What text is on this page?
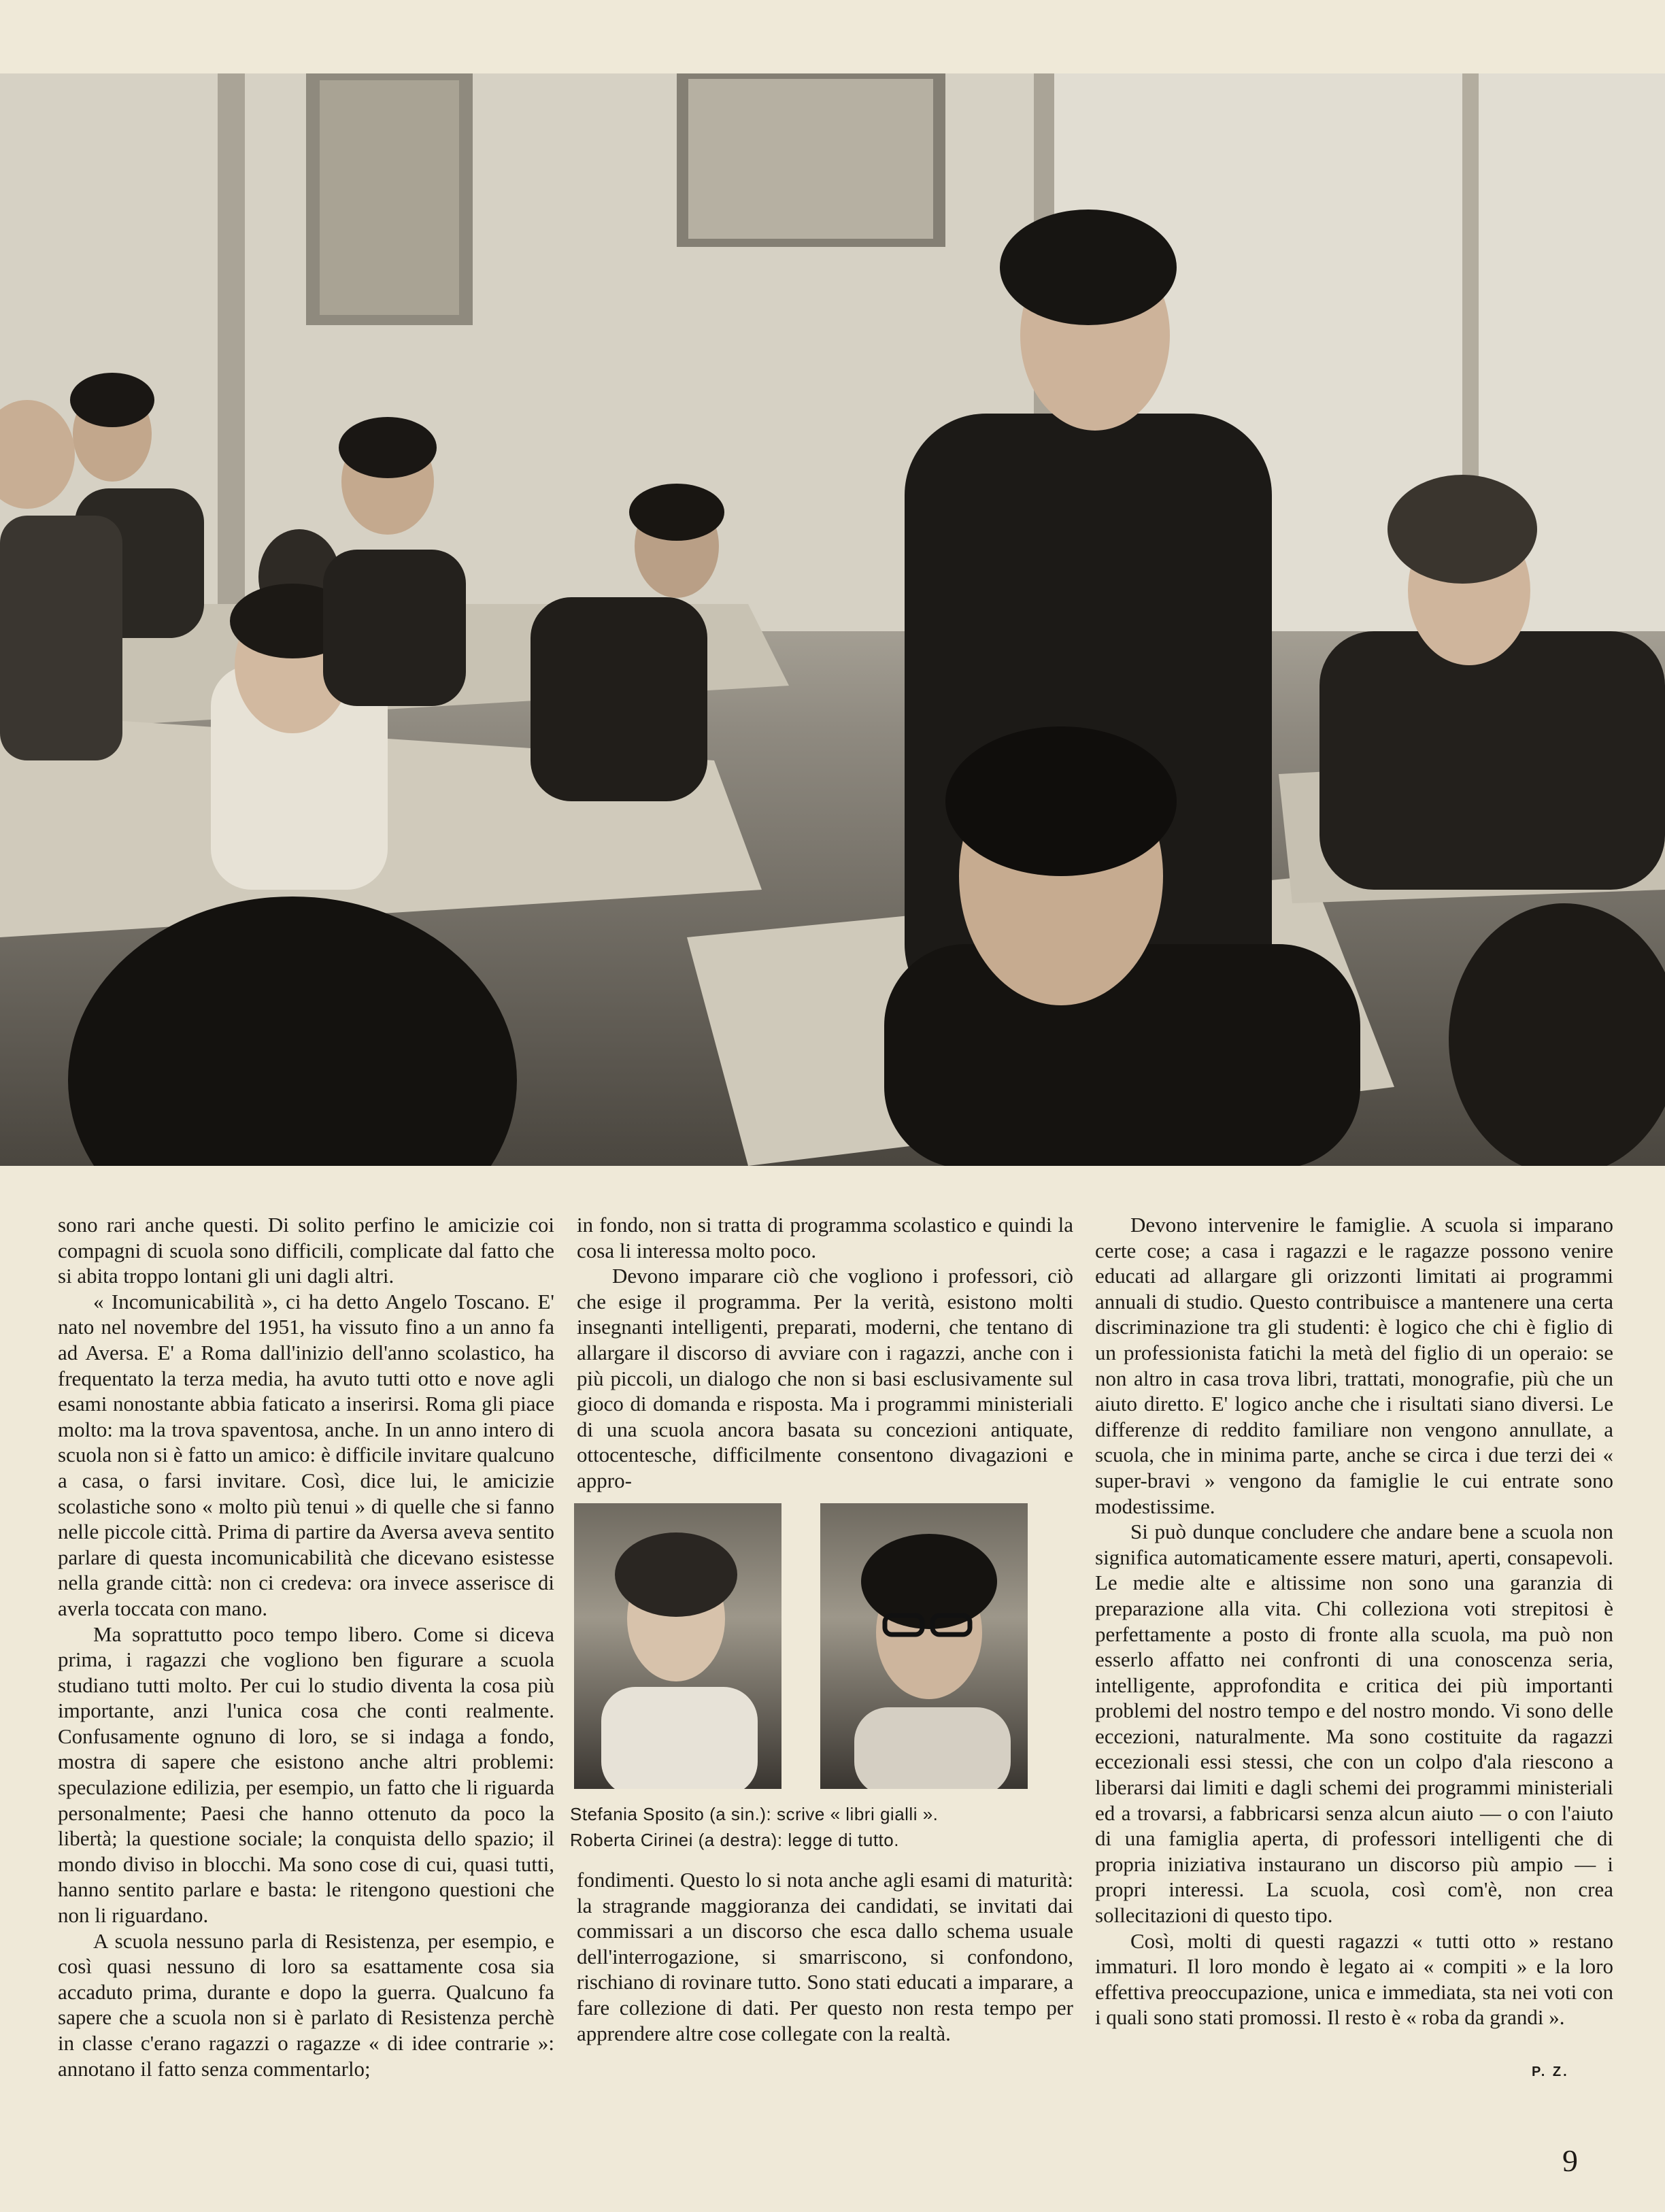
sono rari anche questi. Di solito perfino le amicizie coi compagni di scuola sono difficili, complicate dal fatto che si abita troppo lontani gli uni dagli altri.

« Incomunicabilità », ci ha detto Angelo Toscano. E' nato nel novembre del 1951, ha vissuto fino a un anno fa ad Aversa. E' a Roma dall'inizio dell'anno scolastico, ha frequentato la terza media, ha avuto tutti otto e nove agli esami nonostante abbia faticato a inserirsi. Roma gli piace molto: ma la trova spaventosa, anche. In un anno intero di scuola non si è fatto un amico: è difficile invitare qualcuno a casa, o farsi invitare. Così, dice lui, le amicizie scolastiche sono « molto più tenui » di quelle che si fanno nelle piccole città. Prima di partire da Aversa aveva sentito parlare di questa incomunicabilità che dicevano esistesse nella grande città: non ci credeva: ora invece asserisce di averla toccata con mano.

Ma soprattutto poco tempo libero. Come si diceva prima, i ragazzi che vogliono ben figurare a scuola studiano tutti molto. Per cui lo studio diventa la cosa più importante, anzi l'unica cosa che conti realmente. Confusamente ognuno di loro, se si indaga a fondo, mostra di sapere che esistono anche altri problemi: speculazione edilizia, per esempio, un fatto che li riguarda personalmente; Paesi che hanno ottenuto da poco la libertà; la questione sociale; la conquista dello spazio; il mondo diviso in blocchi. Ma sono cose di cui, quasi tutti, hanno sentito parlare e basta: le ritengono questioni che non li riguardano.

A scuola nessuno parla di Resistenza, per esempio, e così quasi nessuno di loro sa esattamente cosa sia accaduto prima, durante e dopo la guerra. Qualcuno fa sapere che a scuola non si è parlato di Resistenza perchè in classe c'erano ragazzi o ragazze « di idee contrarie »: annotano il fatto senza commentarlo;

in fondo, non si tratta di programma scolastico e quindi la cosa li interessa molto poco.

Devono imparare ciò che vogliono i professori, ciò che esige il programma. Per la verità, esistono molti insegnanti intelligenti, preparati, moderni, che tentano di allargare il discorso di avviare con i ragazzi, anche con i più piccoli, un dialogo che non si basi esclusivamente sul gioco di domanda e risposta. Ma i programmi ministeriali di una scuola ancora basata su concezioni antiquate, ottocentesche, difficilmente consentono divagazioni e appro-

Stefania Sposito (a sin.): scrive « libri gialli ».
Roberta Cirinei (a destra): legge di tutto.

fondimenti. Questo lo si nota anche agli esami di maturità: la stragrande maggioranza dei candidati, se invitati dai commissari a un discorso che esca dallo schema usuale dell'interrogazione, si smarriscono, si confondono, rischiano di rovinare tutto. Sono stati educati a imparare, a fare collezione di dati. Per questo non resta tempo per apprendere altre cose collegate con la realtà.

Devono intervenire le famiglie. A scuola si imparano certe cose; a casa i ragazzi e le ragazze possono venire educati ad allargare gli orizzonti limitati ai programmi annuali di studio. Questo contribuisce a mantenere una certa discriminazione tra gli studenti: è logico che chi è figlio di un professionista fatichi la metà del figlio di un operaio: se non altro in casa trova libri, trattati, monografie, più che un aiuto diretto. E' logico anche che i risultati siano diversi. Le differenze di reddito familiare non vengono annullate, a scuola, che in minima parte, anche se circa i due terzi dei « super-bravi » vengono da famiglie le cui entrate sono modestissime.

Si può dunque concludere che andare bene a scuola non significa automaticamente essere maturi, aperti, consapevoli. Le medie alte e altissime non sono una garanzia di preparazione alla vita. Chi colleziona voti strepitosi è perfettamente a posto di fronte alla scuola, ma può non esserlo affatto nei confronti di una conoscenza seria, intelligente, approfondita e critica dei più importanti problemi del nostro tempo e del nostro mondo. Vi sono delle eccezioni, naturalmente. Ma sono costituite da ragazzi eccezionali essi stessi, che con un colpo d'ala riescono a liberarsi dai limiti e dagli schemi dei programmi ministeriali ed a trovarsi, a fabbricarsi senza alcun aiuto — o con l'aiuto di una famiglia aperta, di professori intelligenti che di propria iniziativa instaurano un discorso più ampio — i propri interessi. La scuola, così com'è, non crea sollecitazioni di questo tipo.

Così, molti di questi ragazzi « tutti otto » restano immaturi. Il loro mondo è legato ai « compiti » e la loro effettiva preoccupazione, unica e immediata, sta nei voti con i quali sono stati promossi. Il resto è « roba da grandi ».

P. Z.
9
